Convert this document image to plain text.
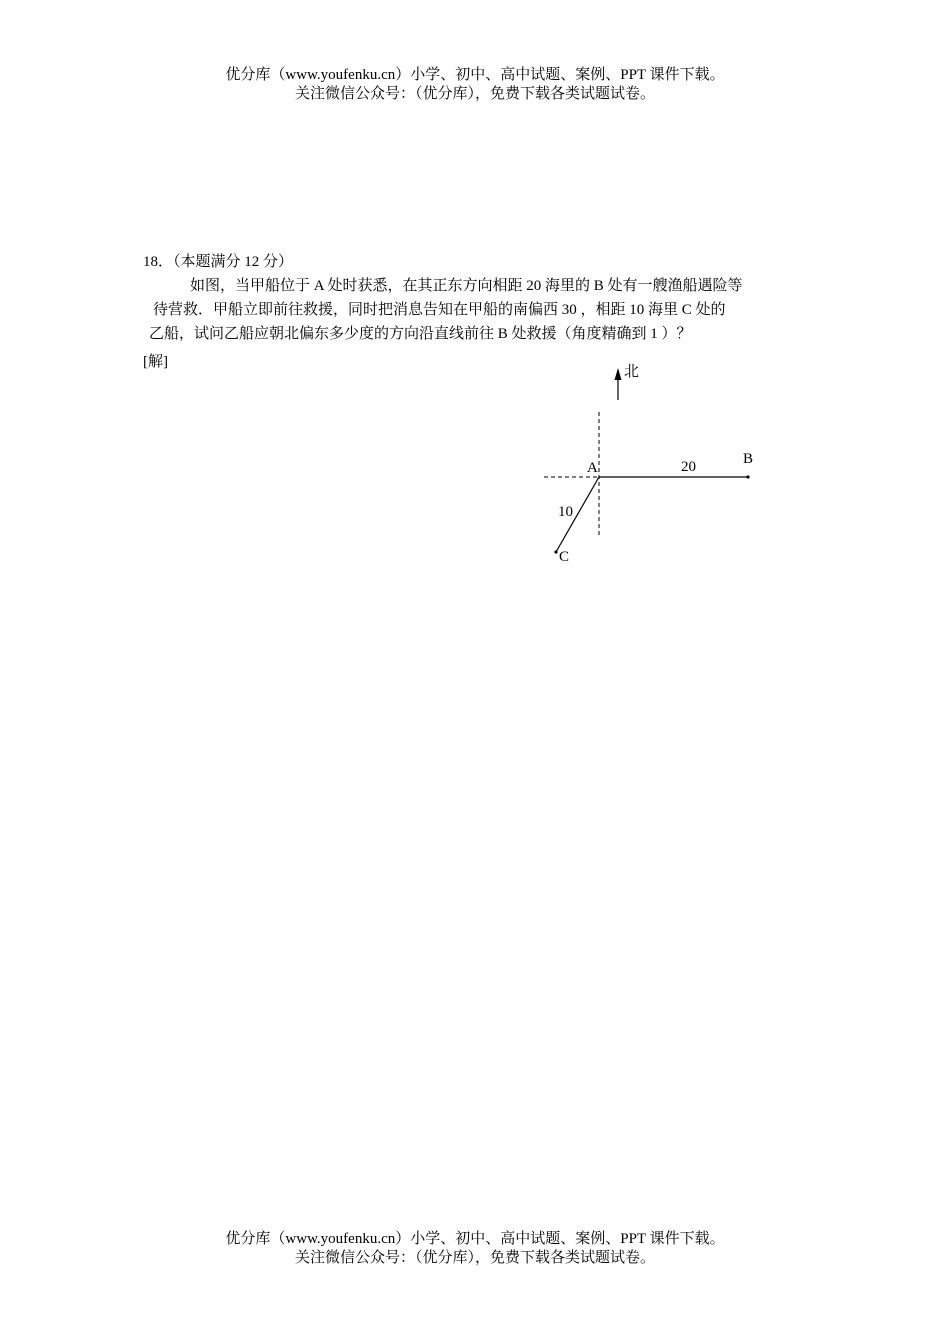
优分库（www.youfenku.cn）小学、初中、高中试题、案例、PPT 课件下载。
关注微信公众号：（优分库），免费下载各类试题试卷。
18．（本题满分 12 分）
如图，当甲船位于 A 处时获悉，在其正东方向相距 20 海里的 B 处有一艘渔船遇险等
待营救．甲船立即前往救援，同时把消息告知在甲船的南偏西 30 ，相距 10 海里 C 处的
乙船，试问乙船应朝北偏东多少度的方向沿直线前往 B 处救援（角度精确到 1 ）？
[解]
北
A
B
C
20
10
优分库（www.youfenku.cn）小学、初中、高中试题、案例、PPT 课件下载。
关注微信公众号：（优分库），免费下载各类试题试卷。
